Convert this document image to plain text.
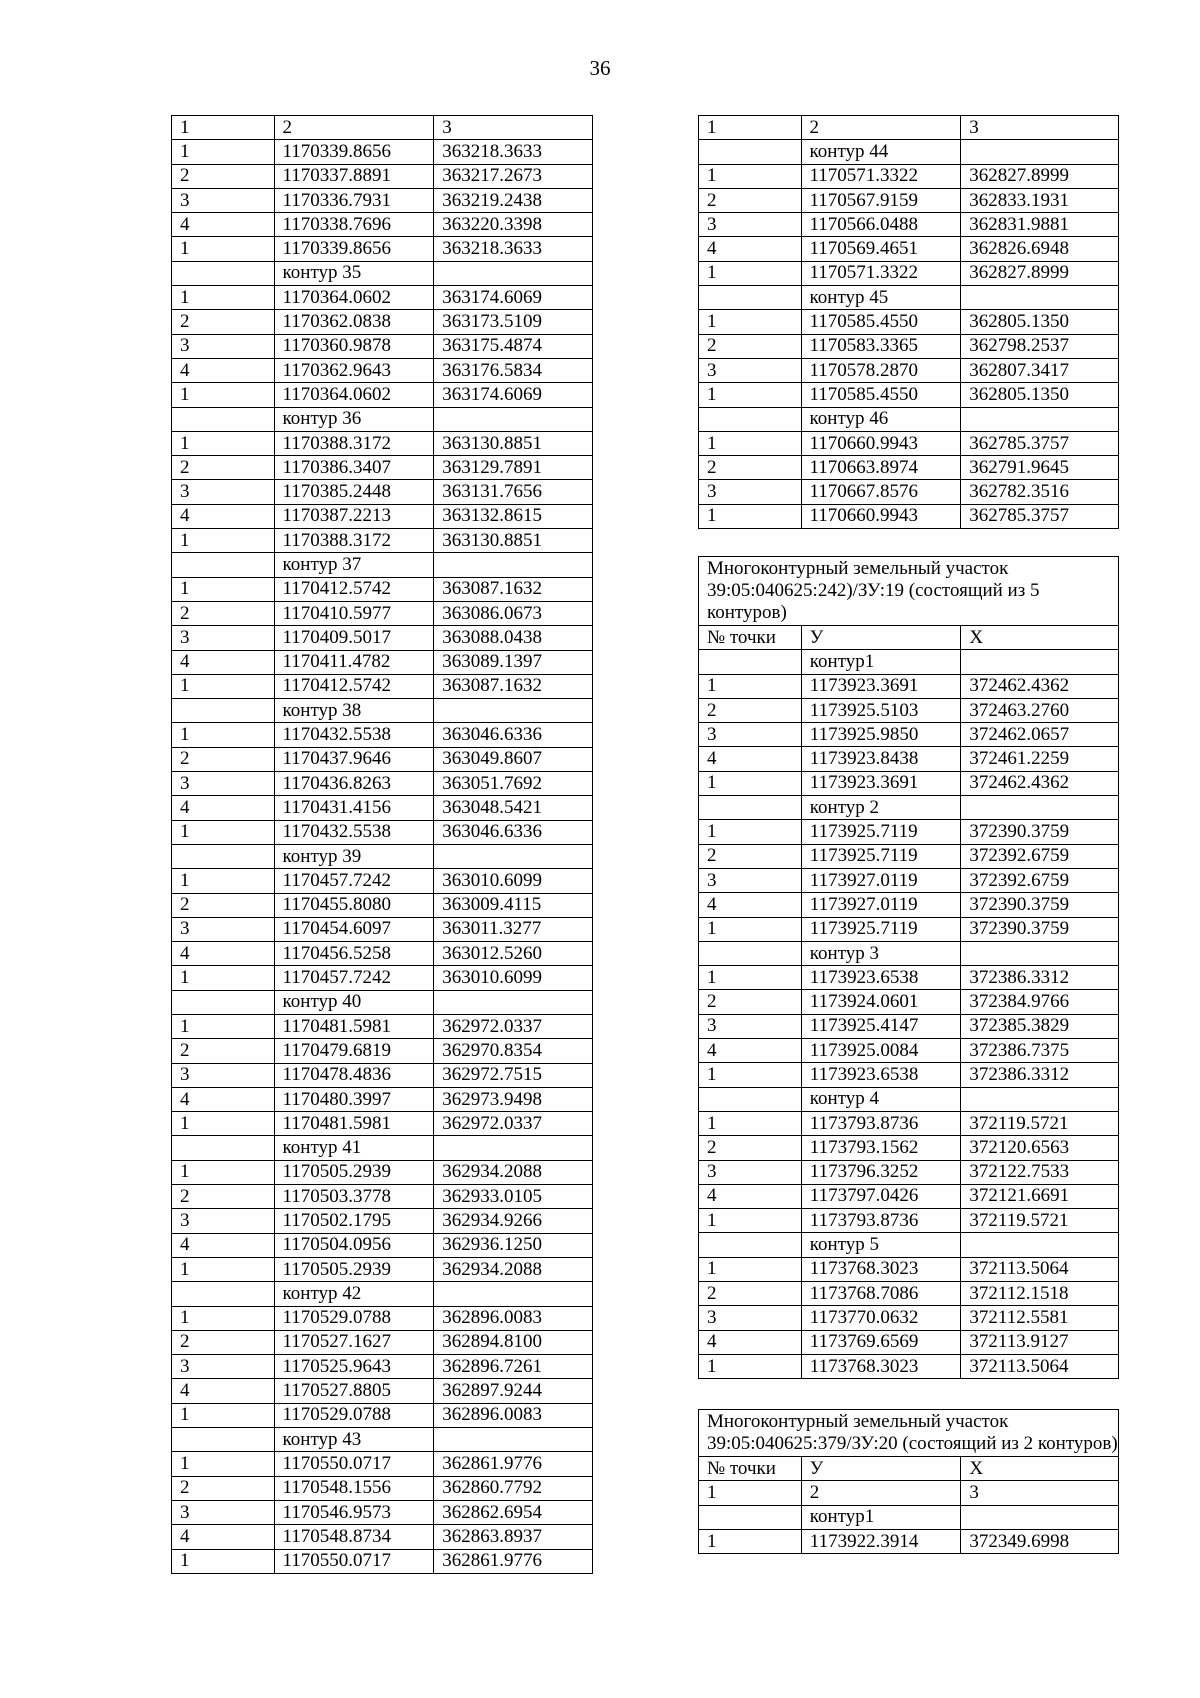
36
1	2	3
1	1170339.8656	363218.3633
2	1170337.8891	363217.2673
3	1170336.7931	363219.2438
4	1170338.7696	363220.3398
1	1170339.8656	363218.3633
	контур 35	
1	1170364.0602	363174.6069
2	1170362.0838	363173.5109
3	1170360.9878	363175.4874
4	1170362.9643	363176.5834
1	1170364.0602	363174.6069
	контур 36	
1	1170388.3172	363130.8851
2	1170386.3407	363129.7891
3	1170385.2448	363131.7656
4	1170387.2213	363132.8615
1	1170388.3172	363130.8851
	контур 37	
1	1170412.5742	363087.1632
2	1170410.5977	363086.0673
3	1170409.5017	363088.0438
4	1170411.4782	363089.1397
1	1170412.5742	363087.1632
	контур 38	
1	1170432.5538	363046.6336
2	1170437.9646	363049.8607
3	1170436.8263	363051.7692
4	1170431.4156	363048.5421
1	1170432.5538	363046.6336
	контур 39	
1	1170457.7242	363010.6099
2	1170455.8080	363009.4115
3	1170454.6097	363011.3277
4	1170456.5258	363012.5260
1	1170457.7242	363010.6099
	контур 40	
1	1170481.5981	362972.0337
2	1170479.6819	362970.8354
3	1170478.4836	362972.7515
4	1170480.3997	362973.9498
1	1170481.5981	362972.0337
	контур 41	
1	1170505.2939	362934.2088
2	1170503.3778	362933.0105
3	1170502.1795	362934.9266
4	1170504.0956	362936.1250
1	1170505.2939	362934.2088
	контур 42	
1	1170529.0788	362896.0083
2	1170527.1627	362894.8100
3	1170525.9643	362896.7261
4	1170527.8805	362897.9244
1	1170529.0788	362896.0083
	контур 43	
1	1170550.0717	362861.9776
2	1170548.1556	362860.7792
3	1170546.9573	362862.6954
4	1170548.8734	362863.8937
1	1170550.0717	362861.9776
1	2	3
	контур 44	
1	1170571.3322	362827.8999
2	1170567.9159	362833.1931
3	1170566.0488	362831.9881
4	1170569.4651	362826.6948
1	1170571.3322	362827.8999
	контур 45	
1	1170585.4550	362805.1350
2	1170583.3365	362798.2537
3	1170578.2870	362807.3417
1	1170585.4550	362805.1350
	контур 46	
1	1170660.9943	362785.3757
2	1170663.8974	362791.9645
3	1170667.8576	362782.3516
1	1170660.9943	362785.3757
Многоконтурный земельный участок 39:05:040625:242)/ЗУ:19 (состоящий из 5 контуров)		
№ точки	У	Х
	контур1	
1	1173923.3691	372462.4362
2	1173925.5103	372463.2760
3	1173925.9850	372462.0657
4	1173923.8438	372461.2259
1	1173923.3691	372462.4362
	контур 2	
1	1173925.7119	372390.3759
2	1173925.7119	372392.6759
3	1173927.0119	372392.6759
4	1173927.0119	372390.3759
1	1173925.7119	372390.3759
	контур 3	
1	1173923.6538	372386.3312
2	1173924.0601	372384.9766
3	1173925.4147	372385.3829
4	1173925.0084	372386.7375
1	1173923.6538	372386.3312
	контур 4	
1	1173793.8736	372119.5721
2	1173793.1562	372120.6563
3	1173796.3252	372122.7533
4	1173797.0426	372121.6691
1	1173793.8736	372119.5721
	контур 5	
1	1173768.3023	372113.5064
2	1173768.7086	372112.1518
3	1173770.0632	372112.5581
4	1173769.6569	372113.9127
1	1173768.3023	372113.5064
Многоконтурный земельный участок 39:05:040625:379/ЗУ:20 (состоящий из 2 контуров)		
№ точки	У	Х
1	2	3
	контур1	
1	1173922.3914	372349.6998
